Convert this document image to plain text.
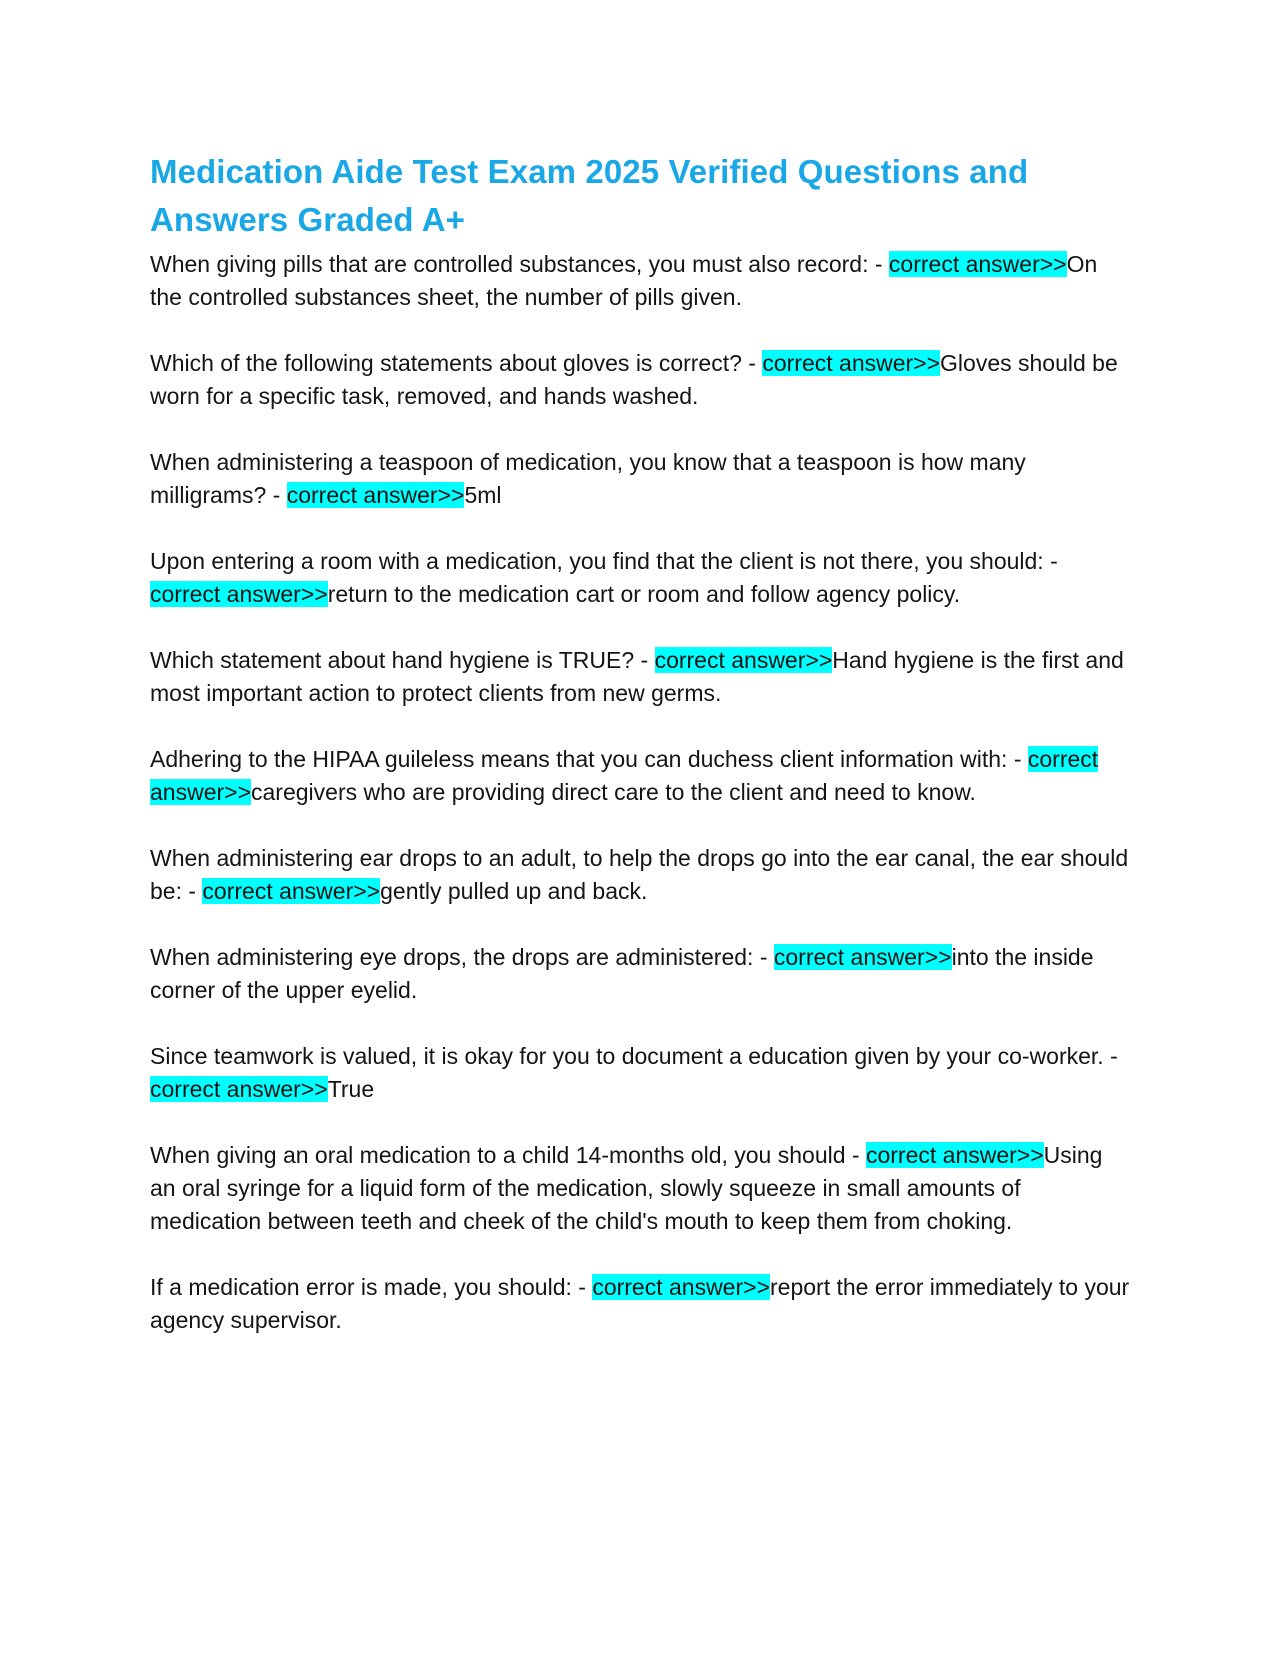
Medication Aide Test Exam 2025 Verified Questions and Answers Graded A+

When giving pills that are controlled substances, you must also record: - correct answer>>On the controlled substances sheet, the number of pills given.

Which of the following statements about gloves is correct? - correct answer>>Gloves should be worn for a specific task, removed, and hands washed.

When administering a teaspoon of medication, you know that a teaspoon is how many milligrams? - correct answer>>5ml

Upon entering a room with a medication, you find that the client is not there, you should: - correct answer>>return to the medication cart or room and follow agency policy.

Which statement about hand hygiene is TRUE? - correct answer>>Hand hygiene is the first and most important action to protect clients from new germs.

Adhering to the HIPAA guileless means that you can duchess client information with: - correct answer>>caregivers who are providing direct care to the client and need to know.

When administering ear drops to an adult, to help the drops go into the ear canal, the ear should be: - correct answer>>gently pulled up and back.

When administering eye drops, the drops are administered: - correct answer>>into the inside corner of the upper eyelid.

Since teamwork is valued, it is okay for you to document a education given by your co-worker. - correct answer>>True

When giving an oral medication to a child 14-months old, you should - correct answer>>Using an oral syringe for a liquid form of the medication, slowly squeeze in small amounts of medication between teeth and cheek of the child's mouth to keep them from choking.

If a medication error is made, you should: - correct answer>>report the error immediately to your agency supervisor.
